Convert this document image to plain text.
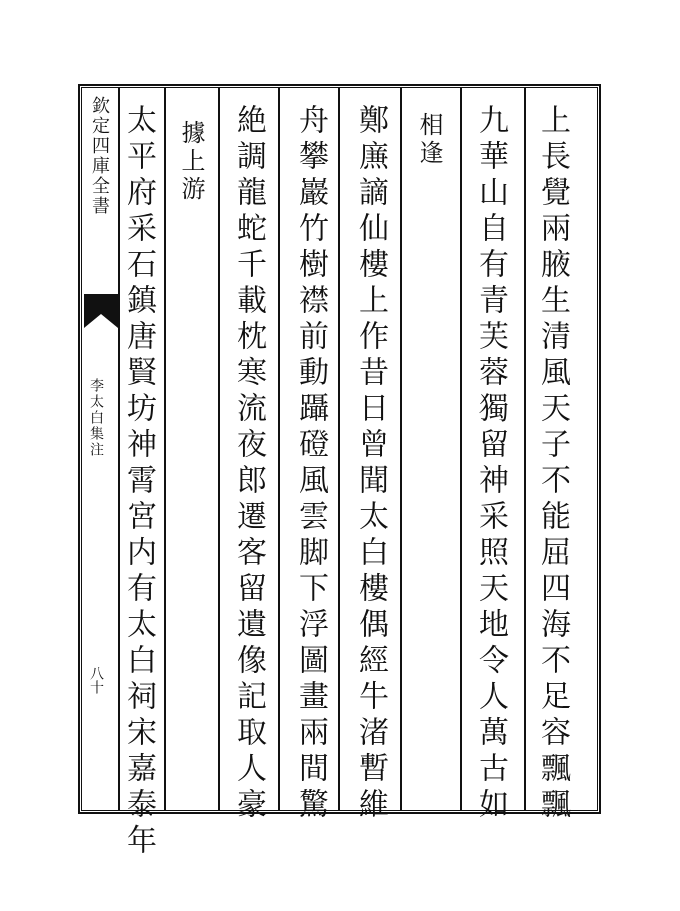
欽定四庫全書
李太白集注
八十	上長覺兩腋生清風天子不能屈四海不足容飄飄
九華山自有青芙蓉獨留神采照天地令人萬古如
相逢
鄭㢘謫仙樓上作昔日曾聞太白樓偶經牛渚暫維
舟攀巖竹樹襟前動躡磴風雲脚下浮圖畫兩間驚
絶調龍蛇千載枕寒流夜郎遷客留遺像記取人豪
據上游
太平府采石鎮唐賢坊神霄宮内有太白祠宋嘉泰年
